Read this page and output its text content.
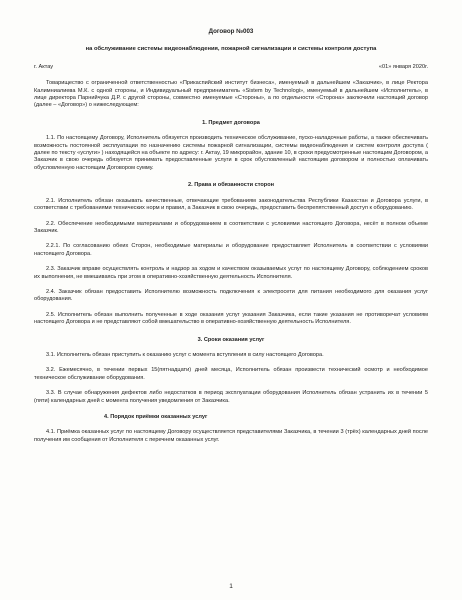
Договор №003
на обслуживание системы видеонаблюдения, пожарной сигнализации и системы контроля доступа
г. Актау	«01» января 2020г.

Товарищество с ограниченной ответственностью «Прикаспийский институт бизнеса», именуемый в дальнейшем «Заказчик», в лице Ректора Калимниалиева М.К. с одной стороны, и Индивидуальный предприниматель «Sistem by Technologi», именуемый в дальнейшем «Исполнитель», в лице директора Парнийчука Д.Р. с другой стороны, совместно именуемые «Стороны», а по отдельности «Сторона» заключили настоящий договор (далее – «Договор») о нижеследующем:

1. Предмет договора

1.1. По настоящему Договору, Исполнитель обязуется производить техническое обслуживание, пуско-наладочные работы, а также обеспечивать возможность постоянной эксплуатации по назначению системы пожарной сигнализации, системы видеонаблюдения и систем контроля доступа ( далее по тексту «услуги» ) находящейся на объекте по адресу: г. Актау, 19 микрорайон, здание 10, в сроки предусмотренные настоящим Договором, а Заказчик в свою очередь обязуется принимать предоставленные услуги в срок обусловленный настоящим договором и полностью оплачивать обусловленную настоящим Договором сумму.

2. Права и обязанности сторон

2.1. Исполнитель обязан оказывать качественные, отвечающие требованиям законодательства Республики Казахстан и Договора услуги, в соответствии с требованиями технических норм и правил, а Заказчик в свою очередь, предоставить беспрепятственный доступ к оборудованию.

2.2. Обеспечение необходимыми материалами и оборудованием в соответствии с условиями настоящего Договора, несёт в полном объеме Заказчик.

2.2.1. По согласованию обеих Сторон, необходимые материалы и оборудование предоставляет Исполнитель в соответствии с условиями настоящего Договора.

2.3. Заказчик вправе осуществлять контроль и надзор за ходом и качеством оказываемых услуг по настоящему Договору, соблюдением сроков их выполнения, не вмешиваясь при этом в оперативно-хозяйственную деятельность Исполнителя.

2.4. Заказчик обязан предоставить Исполнителю возможность подключения к электросети для питания необходимого для оказания услуг оборудования.

2.5. Исполнитель обязан выполнить полученные в ходе оказания услуг указания Заказчика, если такие указания не противоречат условиям настоящего Договора и не представляют собой вмешательство в оперативно-хозяйственную деятельность Исполнителя.

3. Сроки оказания услуг

3.1. Исполнитель обязан приступить к оказанию услуг с момента вступления в силу настоящего Договора.

3.2. Ежемесячно, в течении первых 15(пятнадцати) дней месяца, Исполнитель обязан произвести технический осмотр и необходимое техническое обслуживание оборудования.

3.3. В случае обнаружения дефектов либо недостатков в период эксплуатации оборудования Исполнитель обязан устранить их в течении 5 (пяти) календарных дней с момента получения уведомления от Заказчика.

4. Порядок приёмки оказанных услуг

4.1. Приёмка оказанных услуг по настоящему Договору осуществляется представителями Заказчика, в течении 3 (трёх) календарных дней после получения им сообщения от Исполнителя с перечнем оказанных услуг.

1
